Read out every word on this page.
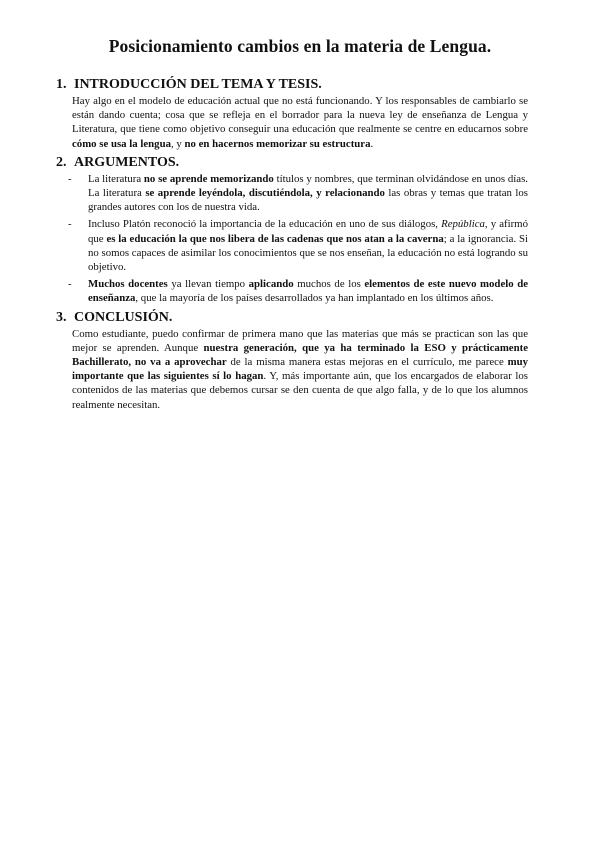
Posicionamiento cambios en la materia de Lengua.
1. INTRODUCCIÓN DEL TEMA Y TESIS.

Hay algo en el modelo de educación actual que no está funcionando. Y los responsables de cambiarlo se están dando cuenta; cosa que se refleja en el borrador para la nueva ley de enseñanza de Lengua y Literatura, que tiene como objetivo conseguir una educación que realmente se centre en educarnos sobre cómo se usa la lengua, y no en hacernos memorizar su estructura.

2. ARGUMENTOS.
- La literatura no se aprende memorizando títulos y nombres, que terminan olvidándose en unos días. La literatura se aprende leyéndola, discutiéndola, y relacionando las obras y temas que tratan los grandes autores con los de nuestra vida.

- Incluso Platón reconoció la importancia de la educación en uno de sus diálogos, República, y afirmó que es la educación la que nos libera de las cadenas que nos atan a la caverna; a la ignorancia. Si no somos capaces de asimilar los conocimientos que se nos enseñan, la educación no está logrando su objetivo.

- Muchos docentes ya llevan tiempo aplicando muchos de los elementos de este nuevo modelo de enseñanza, que la mayoría de los países desarrollados ya han implantado en los últimos años.

3. CONCLUSIÓN.

Como estudiante, puedo confirmar de primera mano que las materias que más se practican son las que mejor se aprenden. Aunque nuestra generación, que ya ha terminado la ESO y prácticamente Bachillerato, no va a aprovechar de la misma manera estas mejoras en el currículo, me parece muy importante que las siguientes sí lo hagan. Y, más importante aún, que los encargados de elaborar los contenidos de las materias que debemos cursar se den cuenta de que algo falla, y de lo que los alumnos realmente necesitan.
